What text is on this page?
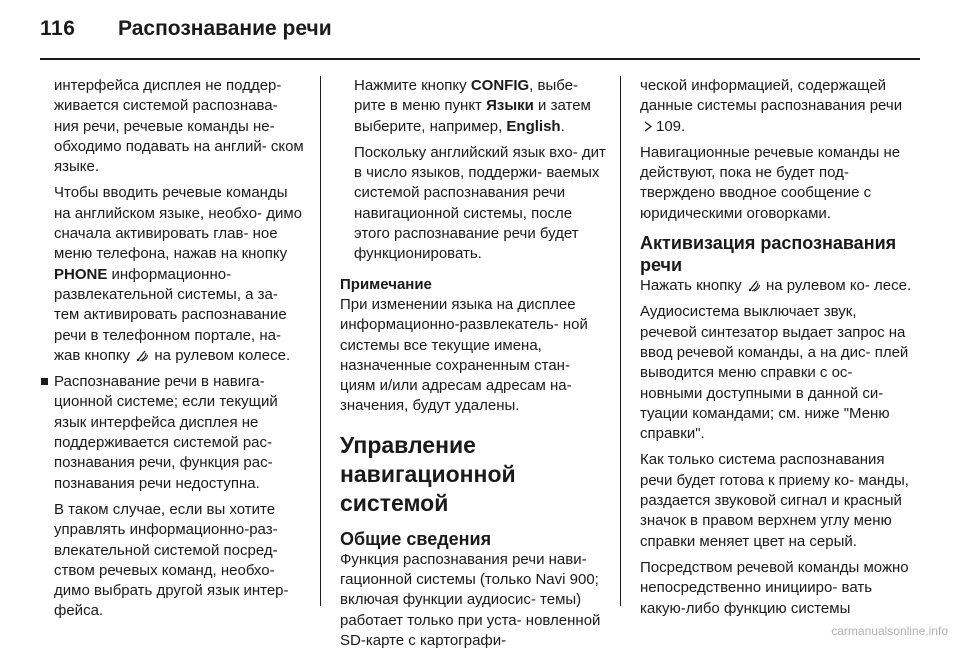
116 Распознавание речи

интерфейса дисплея не поддер- живается системой распознава- ния речи, речевые команды не- обходимо подавать на англий- ском языке.

Чтобы вводить речевые команды на английском языке, необхо- димо сначала активировать глав- ное меню телефона, нажав на кнопку PHONE информационно- развлекательной системы, а за- тем активировать распознавание речи в телефонном портале, на- жав кнопку
на рулевом колесе.

Распознавание речи в навига- ционной системе; если текущий язык интерфейса дисплея не поддерживается системой рас- познавания речи, функция рас- познавания речи недоступна.

В таком случае, если вы хотите управлять информационно-раз- влекательной системой посред- ством речевых команд, необхо- димо выбрать другой язык интер- фейса.

Нажмите кнопку CONFIG, выбе- рите в меню пункт Языки и затем выберите, например, English.

Поскольку английский язык вхо- дит в число языков, поддержи- ваемых системой распознавания речи навигационной системы, после этого распознавание речи будет функционировать.

Примечание
При изменении языка на дисплее информационно-развлекатель- ной системы все текущие имена, назначенные сохраненным стан- циям и/или адресам адресам на- значения, будут удалены.
Управление навигационной системой
Общие сведения

Функция распознавания речи нави- гационной системы (только Navi 900; включая функции аудиосис- темы) работает только при уста- новленной SD-карте с картографи-

ческой информацией, содержащей данные системы распознавания речи
109.

Навигационные речевые команды не действуют, пока не будет под- тверждено вводное сообщение с юридическими оговорками.

Активизация распознавания речи

Нажать кнопку
на рулевом ко- лесе.

Аудиосистема выключает звук, речевой синтезатор выдает запрос на ввод речевой команды, а на дис- плей выводится меню справки с ос- новными доступными в данной си- туации командами; см. ниже "Меню справки".

Как только система распознавания речи будет готова к приему ко- манды, раздается звуковой сигнал и красный значок в правом верхнем углу меню справки меняет цвет на серый.

Посредством речевой команды можно непосредственно иницииро- вать какую-либо функцию системы

carmanualsonline.info
